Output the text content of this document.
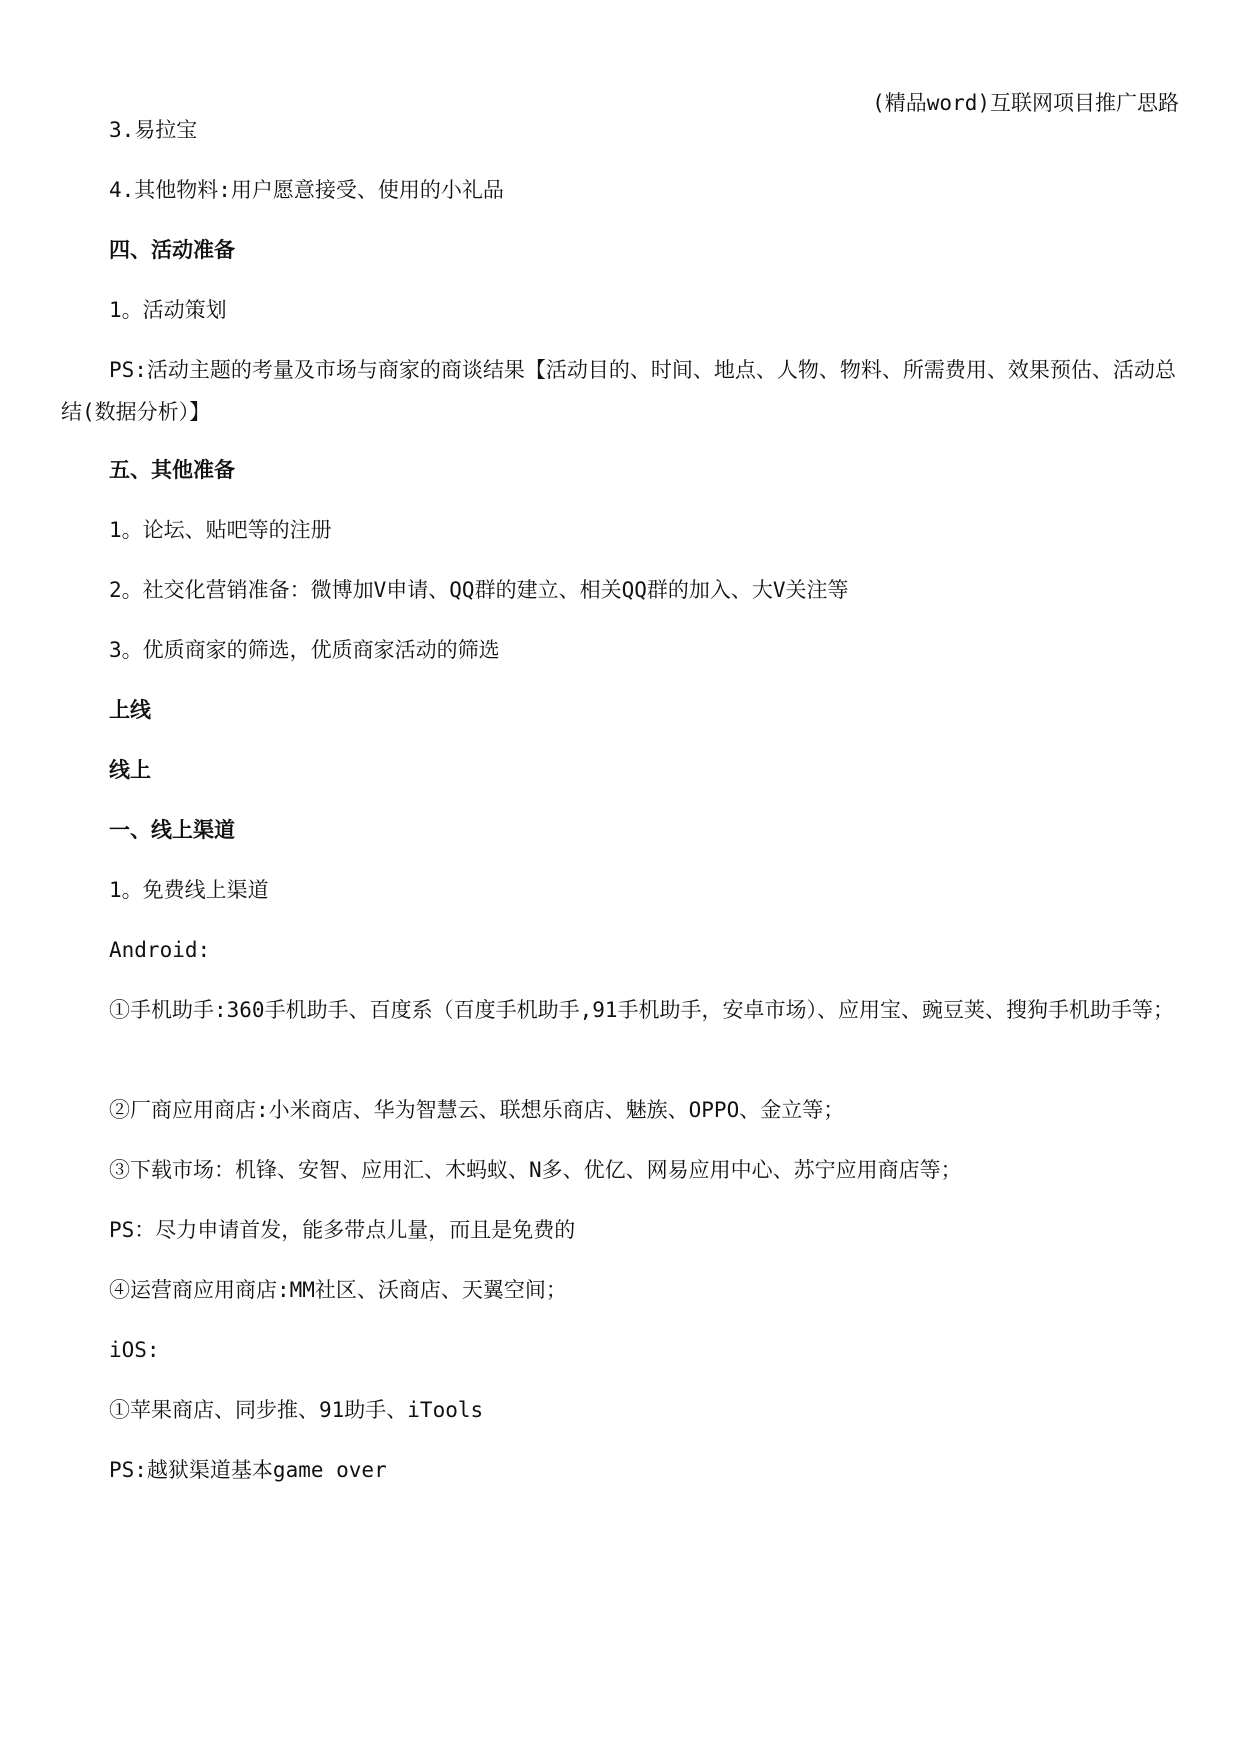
(精品word)互联网项目推广思路
3.易拉宝
4.其他物料:用户愿意接受、使用的小礼品
四、活动准备
1。活动策划
PS:活动主题的考量及市场与商家的商谈结果【活动目的、时间、地点、人物、物料、所需费用、效果预估、活动总结(数据分析）】
五、其他准备
1。论坛、贴吧等的注册
2。社交化营销准备：微博加V申请、QQ群的建立、相关QQ群的加入、大V关注等
3。优质商家的筛选，优质商家活动的筛选
上线
线上
一、线上渠道
1。免费线上渠道
Android:
①手机助手:360手机助手、百度系（百度手机助手,91手机助手，安卓市场）、应用宝、豌豆荚、搜狗手机助手等；
②厂商应用商店:小米商店、华为智慧云、联想乐商店、魅族、OPPO、金立等；
③下载市场：机锋、安智、应用汇、木蚂蚁、N多、优亿、网易应用中心、苏宁应用商店等；
PS：尽力申请首发，能多带点儿量，而且是免费的
④运营商应用商店:MM社区、沃商店、天翼空间；
iOS:
①苹果商店、同步推、91助手、iTools
PS:越狱渠道基本game over
